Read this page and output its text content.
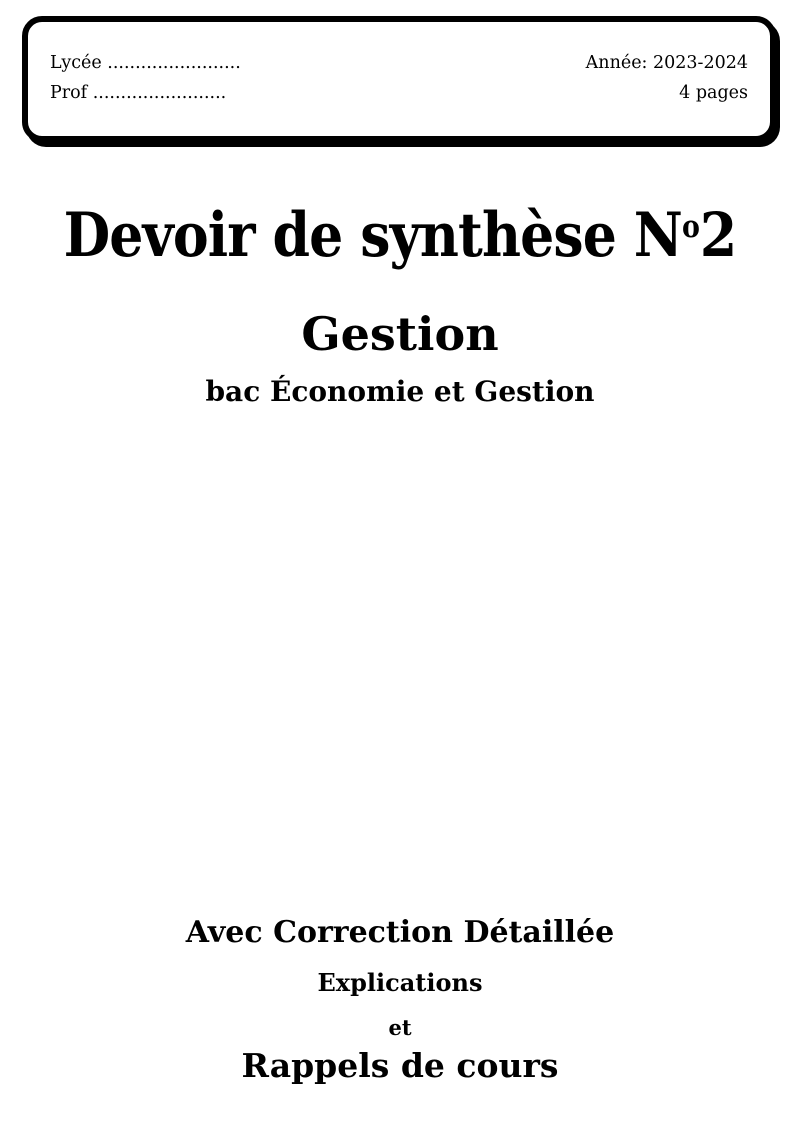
Lycée ........................
Prof ........................
Année: 2023-2024
4 pages
Devoir de synthèse $N^o2$
Gestion
bac Économie et Gestion
Avec Correction Détaillée
Explications
et
Rappels de cours
